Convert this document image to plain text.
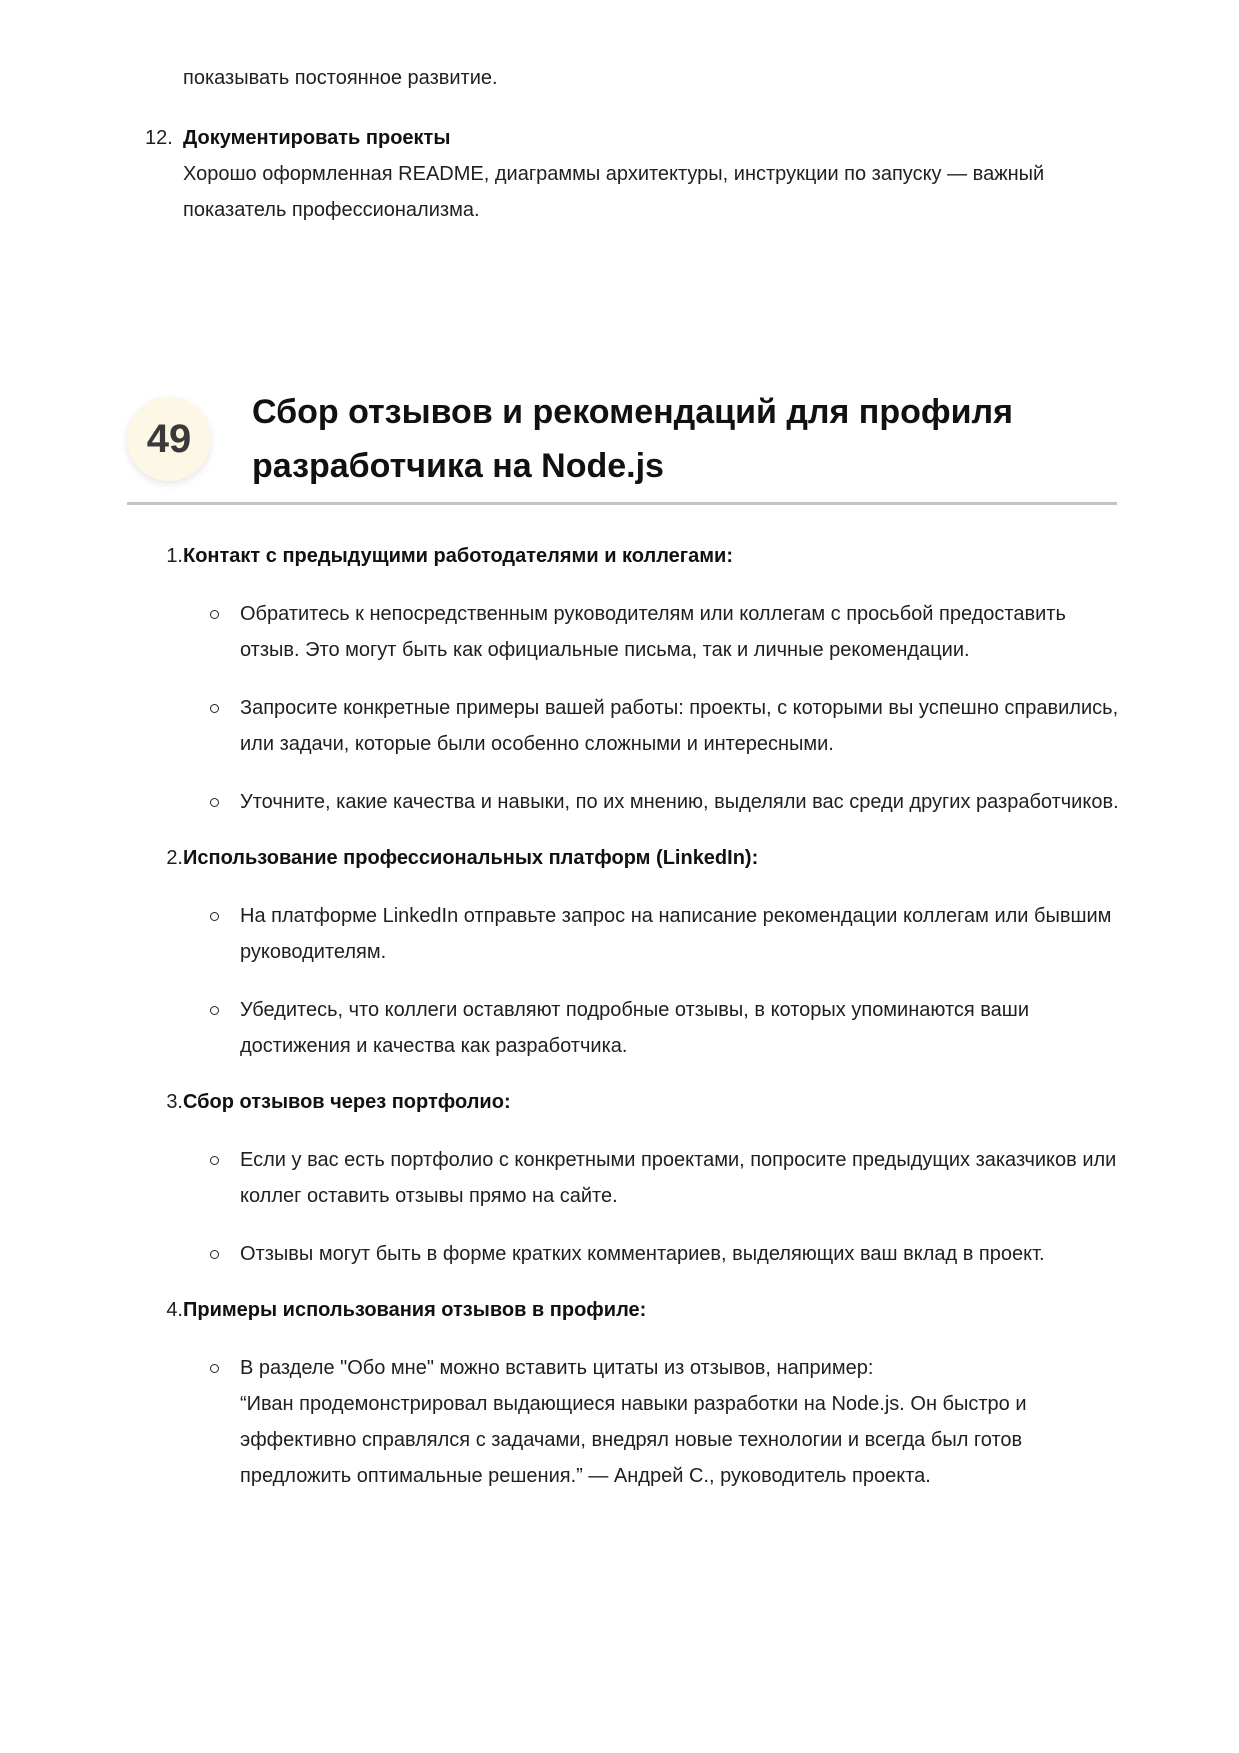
показывать постоянное развитие.
12. Документировать проекты
Хорошо оформленная README, диаграммы архитектуры, инструкции по запуску — важный показатель профессионализма.
49
Сбор отзывов и рекомендаций для профиля разработчика на Node.js
1. Контакт с предыдущими работодателями и коллегами:
Обратитесь к непосредственным руководителям или коллегам с просьбой предоставить отзыв. Это могут быть как официальные письма, так и личные рекомендации.
Запросите конкретные примеры вашей работы: проекты, с которыми вы успешно справились, или задачи, которые были особенно сложными и интересными.
Уточните, какие качества и навыки, по их мнению, выделяли вас среди других разработчиков.
2. Использование профессиональных платформ (LinkedIn):
На платформе LinkedIn отправьте запрос на написание рекомендации коллегам или бывшим руководителям.
Убедитесь, что коллеги оставляют подробные отзывы, в которых упоминаются ваши достижения и качества как разработчика.
3. Сбор отзывов через портфолио:
Если у вас есть портфолио с конкретными проектами, попросите предыдущих заказчиков или коллег оставить отзывы прямо на сайте.
Отзывы могут быть в форме кратких комментариев, выделяющих ваш вклад в проект.
4. Примеры использования отзывов в профиле:
В разделе "Обо мне" можно вставить цитаты из отзывов, например:
“Иван продемонстрировал выдающиеся навыки разработки на Node.js. Он быстро и эффективно справлялся с задачами, внедрял новые технологии и всегда был готов предложить оптимальные решения.” — Андрей С., руководитель проекта.
